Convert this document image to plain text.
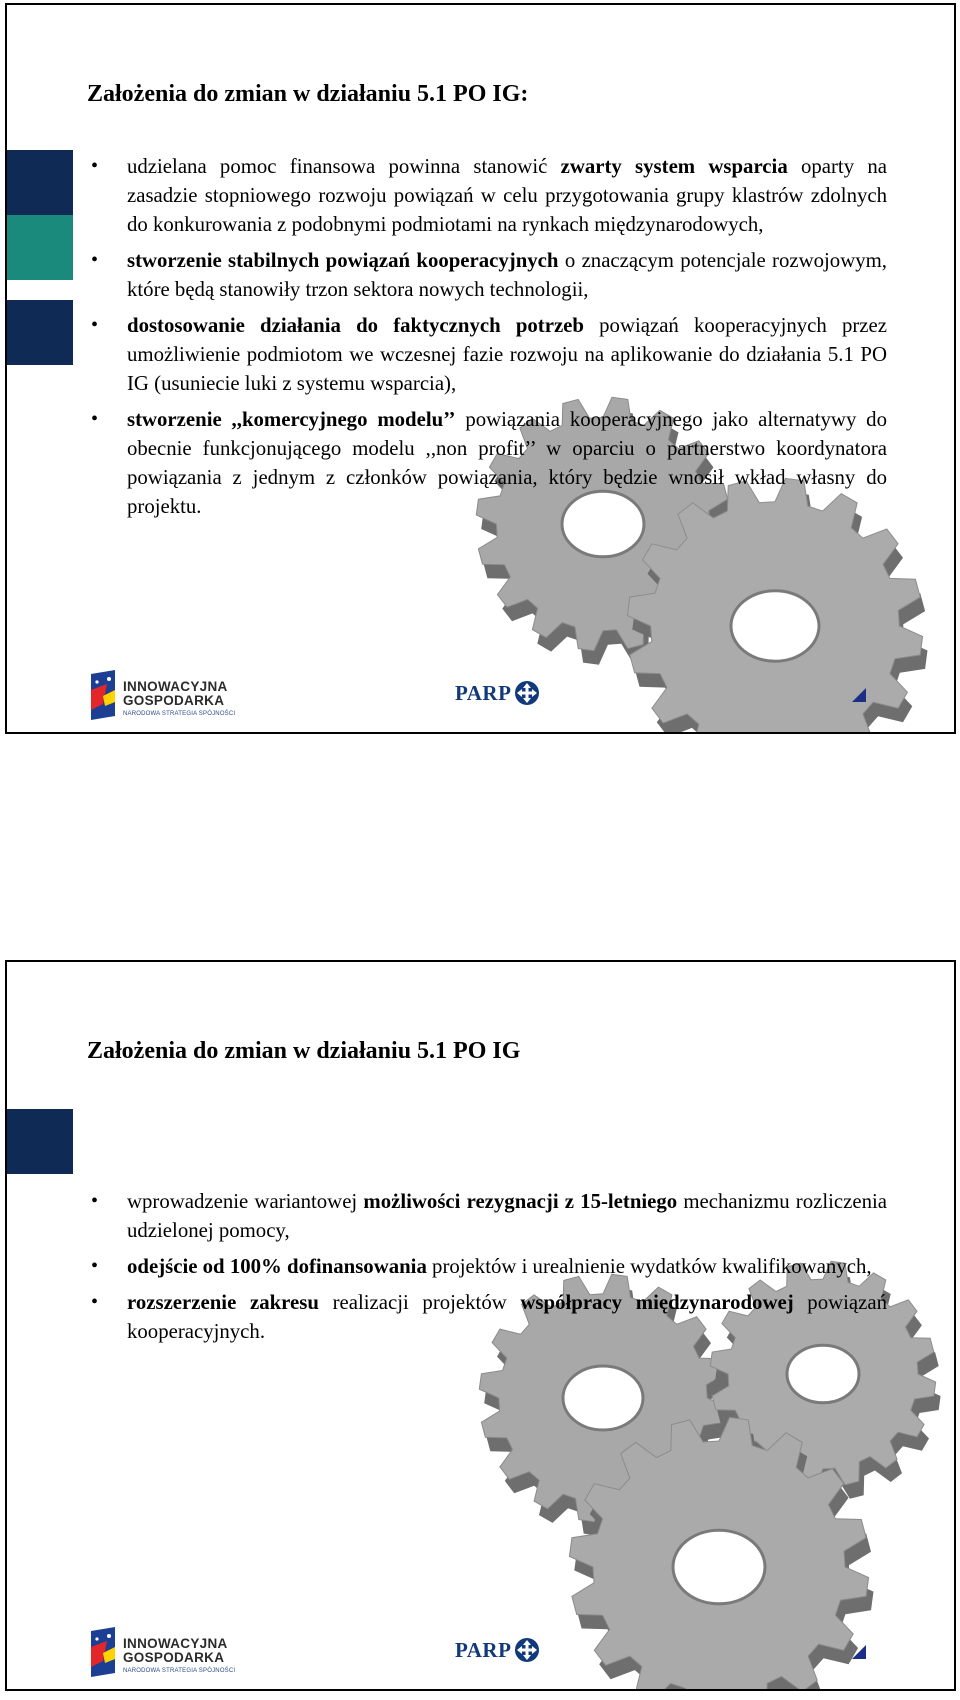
Założenia do zmian w działaniu 5.1 PO IG:
• udzielana pomoc finansowa powinna stanowić zwarty system wsparcia oparty na zasadzie stopniowego rozwoju powiązań w celu przygotowania grupy klastrów zdolnych do konkurowania z podobnymi podmiotami na rynkach międzynarodowych,
• stworzenie stabilnych powiązań kooperacyjnych o znaczącym potencjale rozwojowym, które będą stanowiły trzon sektora nowych technologii,
• dostosowanie działania do faktycznych potrzeb powiązań kooperacyjnych przez umożliwienie podmiotom we wczesnej fazie rozwoju na aplikowanie do działania 5.1 PO IG (usuniecie luki z systemu wsparcia),
• stworzenie ,,komercyjnego modelu’’ powiązania kooperacyjnego jako alternatywy do obecnie funkcjonującego modelu ,,non profit’’ w oparciu o partnerstwo koordynatora powiązania z jednym z członków powiązania, który będzie wnosił wkład własny do projektu.
INNOWACYJNA
GOSPODARKA
NARODOWA STRATEGIA SPÓJNOŚCI
PARP
Założenia do zmian w działaniu 5.1 PO IG
• wprowadzenie wariantowej możliwości rezygnacji z 15-letniego mechanizmu rozliczenia udzielonej pomocy,
• odejście od 100% dofinansowania projektów i urealnienie wydatków kwalifikowanych,
• rozszerzenie zakresu realizacji projektów współpracy międzynarodowej powiązań kooperacyjnych.
INNOWACYJNA
GOSPODARKA
NARODOWA STRATEGIA SPÓJNOŚCI
PARP
